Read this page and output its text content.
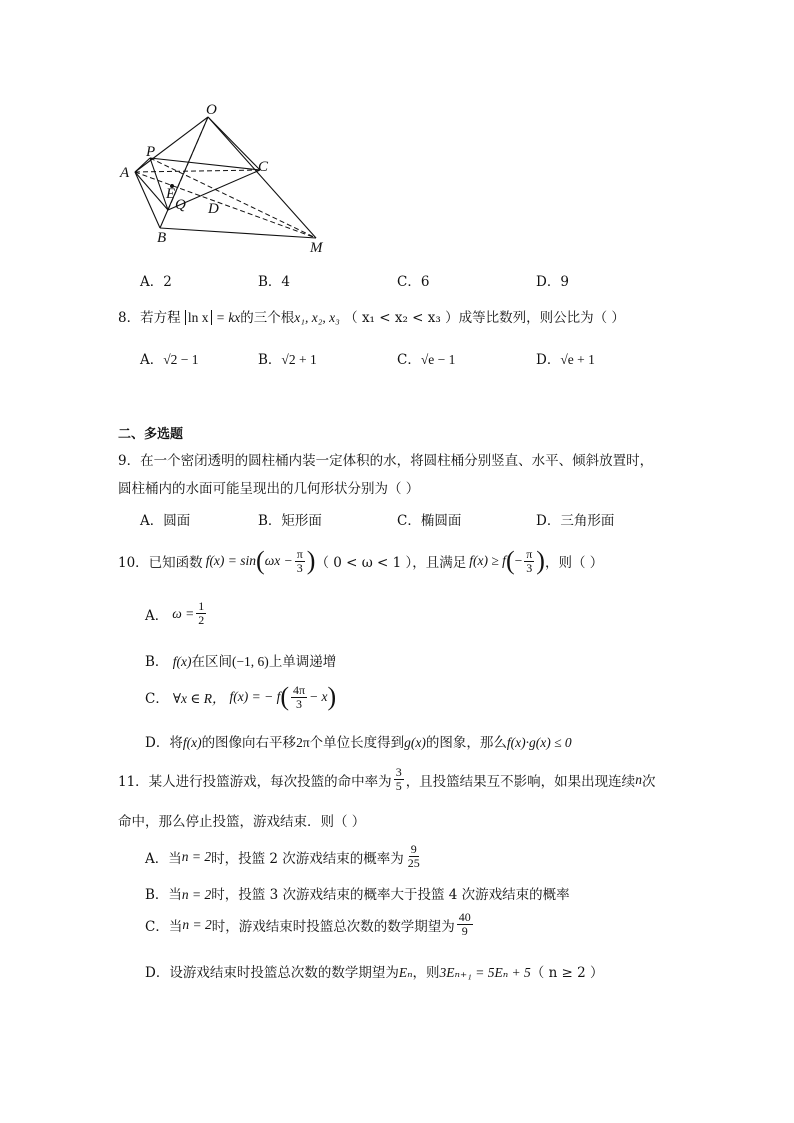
O
P
C
A
E
Q D
B
M
A．2	B．4	C．6	D．9
8．若方程 ln x = kx的三个根x₁, x₂, x₃ （ x₁ < x₂ < x₃ ）成等比数列，则公比为（ ）
A．√2 − 1	B．√2 + 1	C．√e − 1	D．√e + 1
二、多选题
9．在一个密闭透明的圆柱桶内装一定体积的水，将圆柱桶分别竖直、水平、倾斜放置时，
圆柱桶内的水面可能呈现出的几何形状分别为（ ）
A．圆面	B．矩形面	C．椭圆面	D．三角形面
10．已知函数 f(x) = sin ( $\omega x - \frac{\pi}{3}$ ) （ 0 < ω < 1 ），且满足 f(x) ≥ f ( − $\frac{\pi}{3}$ ) ，则（ ）
A． $\omega = \frac{1}{2}$
B． f(x)在区间(−1, 6)上单调递增
C． ∀x ∈ R， f(x) = − f ( $\frac{4\pi}{3} - x$ )
D．将f(x)的图像向右平移2π个单位长度得到g(x)的图象，那么f(x)·g(x) ≤ 0
11．某人进行投篮游戏，每次投篮的命中率为 $\frac{3}{5}$ ，且投篮结果互不影响，如果出现连续 n 次
命中，那么停止投篮，游戏结束．则（ ）
A．当 n = 2 时，投篮 2 次游戏结束的概率为 $\frac{9}{25}$
B．当n = 2时，投篮 3 次游戏结束的概率大于投篮 4 次游戏结束的概率
C．当 n = 2 时，游戏结束时投篮总次数的数学期望为 $\frac{40}{9}$
D．设游戏结束时投篮总次数的数学期望为Eₙ，则3Eₙ₊₁ = 5Eₙ + 5（ n ≥ 2 ）
